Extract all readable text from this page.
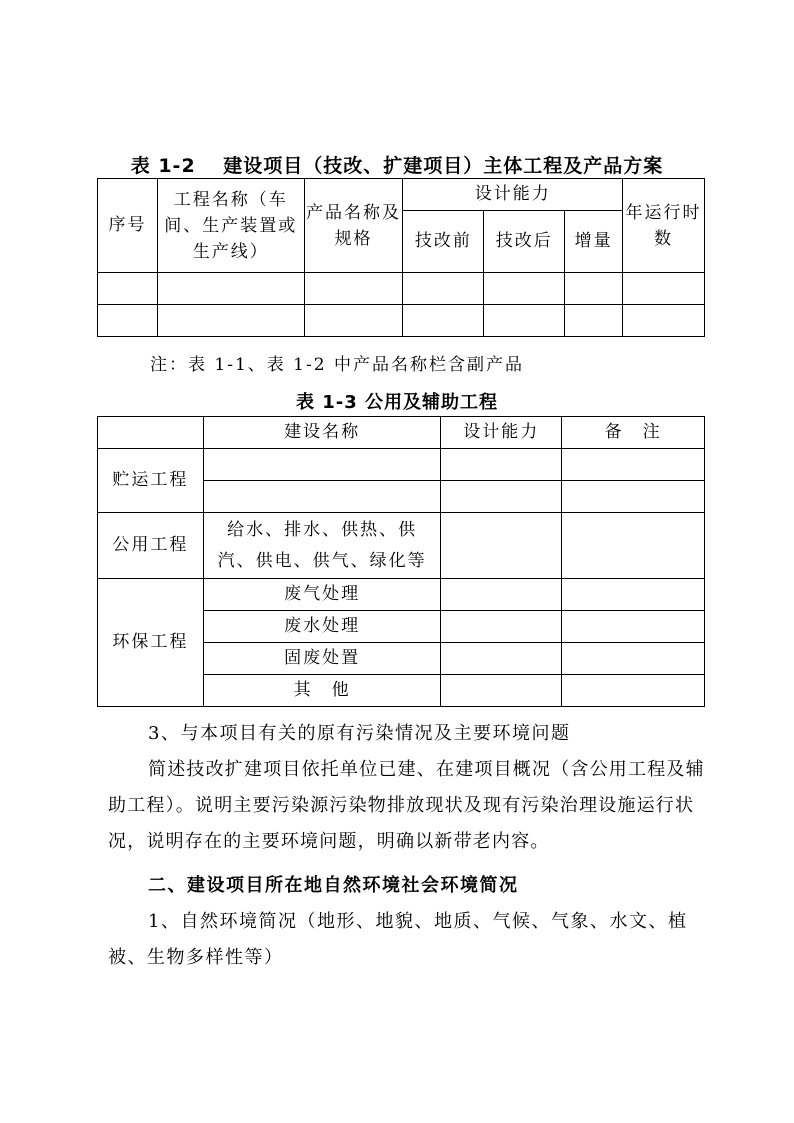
表 1-2　 建设项目（技改、扩建项目）主体工程及产品方案
序号	工程名称（车间、生产装置或生产线）	产品名称及规格	设计能力			年运行时数
			技改前	技改后	增量	

注：表 1-1、表 1-2 中产品名称栏含副产品
表 1-3 公用及辅助工程
	建设名称	设计能力	备　注
贮运工程			

公用工程	给水、排水、供热、供汽、供电、供气、绿化等		
环保工程	废气处理		
	废水处理		
	固废处置		
	其　他		

3、与本项目有关的原有污染情况及主要环境问题

简述技改扩建项目依托单位已建、在建项目概况（含公用工程及辅助工程）。说明主要污染源污染物排放现状及现有污染治理设施运行状况，说明存在的主要环境问题，明确以新带老内容。

二、建设项目所在地自然环境社会环境简况

1、自然环境简况（地形、地貌、地质、气候、气象、水文、植被、生物多样性等）
